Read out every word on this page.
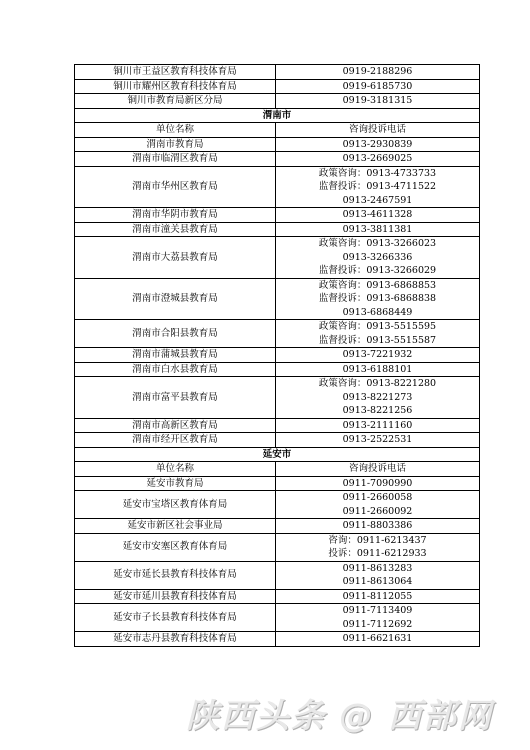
铜川市王益区教育科技体育局	0919-2188296

铜川市耀州区教育科技体育局	0919-6185730

铜川市教育局新区分局	0919-3181315

渭南市	
单位名称	咨询投诉电话
渭南市教育局	0913-2930839

渭南市临渭区教育局	0913-2669025

渭南市华州区教育局	政策咨询：0913-4733733
监督投诉：0913-4711522
0913-2467591

渭南市华阴市教育局	0913-4611328

渭南市潼关县教育局	0913-3811381

渭南市大荔县教育局	政策咨询：0913-3266023
0913-3266336
监督投诉：0913-3266029

渭南市澄城县教育局	政策咨询：0913-6868853
监督投诉：0913-6868838
0913-6868449

渭南市合阳县教育局	政策咨询：0913-5515595
监督投诉：0913-5515587

渭南市蒲城县教育局	0913-7221932

渭南市白水县教育局	0913-6188101

渭南市富平县教育局	政策咨询：0913-8221280
0913-8221273
0913-8221256

渭南市高新区教育局	0913-2111160

渭南市经开区教育局	0913-2522531

延安市	
单位名称	咨询投诉电话
延安市教育局	0911-7090990

延安市宝塔区教育体育局	0911-2660058
0911-2660092

延安市新区社会事业局	0911-8803386

延安市安塞区教育体育局	咨询：0911-6213437
投诉：0911-6212933

延安市延长县教育科技体育局	0911-8613283
0911-8613064

延安市延川县教育科技体育局	0911-8112055

延安市子长县教育科技体育局	0911-7113409
0911-7112692

延安市志丹县教育科技体育局	0911-6621631
陕西头条 @ 西部网
